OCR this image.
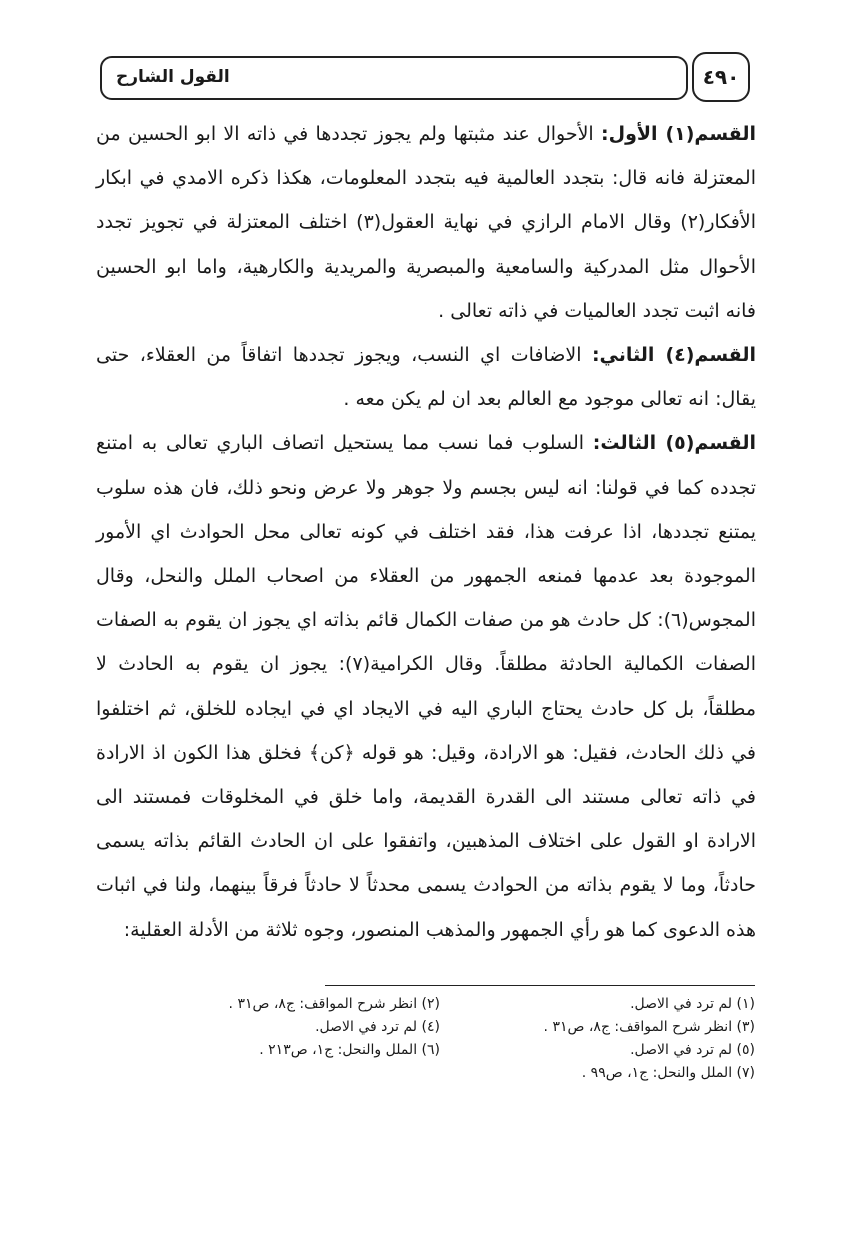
القول الشارح	٤٩٠

القسم(١) الأول: الأحوال عند مثبتها ولم يجوز تجددها في ذاته الا ابو الحسين من المعتزلة فانه قال: بتجدد العالمية فيه بتجدد المعلومات، هكذا ذكره الامدي في ابكار الأفكار(٢) وقال الامام الرازي في نهاية العقول(٣) اختلف المعتزلة في تجويز تجدد الأحوال مثل المدركية والسامعية والمبصرية والمريدية والكارهية، واما ابو الحسين فانه اثبت تجدد العالميات في ذاته تعالى .

القسم(٤) الثاني: الاضافات اي النسب، ويجوز تجددها اتفاقاً من العقلاء، حتى يقال: انه تعالى موجود مع العالم بعد ان لم يكن معه .

القسم(٥) الثالث: السلوب فما نسب مما يستحيل اتصاف الباري تعالى به امتنع تجدده كما في قولنا: انه ليس بجسم ولا جوهر ولا عرض ونحو ذلك، فان هذه سلوب يمتنع تجددها، اذا عرفت هذا، فقد اختلف في كونه تعالى محل الحوادث اي الأمور الموجودة بعد عدمها فمنعه الجمهور من العقلاء من اصحاب الملل والنحل، وقال المجوس(٦): كل حادث هو من صفات الكمال قائم بذاته اي يجوز ان يقوم به الصفات الصفات الكمالية الحادثة مطلقاً. وقال الكرامية(٧): يجوز ان يقوم به الحادث لا مطلقاً، بل كل حادث يحتاج الباري اليه في الايجاد اي في ايجاده للخلق، ثم اختلفوا في ذلك الحادث، فقيل: هو الارادة، وقيل: هو قوله ﴿كن﴾ فخلق هذا الكون اذ الارادة في ذاته تعالى مستند الى القدرة القديمة، واما خلق في المخلوقات فمستند الى الارادة او القول على اختلاف المذهبين، واتفقوا على ان الحادث القائم بذاته يسمى حادثاً، وما لا يقوم بذاته من الحوادث يسمى محدثاً لا حادثاً فرقاً بينهما، ولنا في اثبات هذه الدعوى كما هو رأي الجمهور والمذهب المنصور، وجوه ثلاثة من الأدلة العقلية:

(١) لم ترد في الاصل.
(٣) انظر شرح المواقف: ج٨، ص٣١ .
(٥) لم ترد في الاصل.
(٧) الملل والنحل: ج١، ص٩٩ .
(٢) انظر شرح المواقف: ج٨، ص٣١ .
(٤) لم ترد في الاصل.
(٦) الملل والنحل: ج١، ص٢١٣ .
